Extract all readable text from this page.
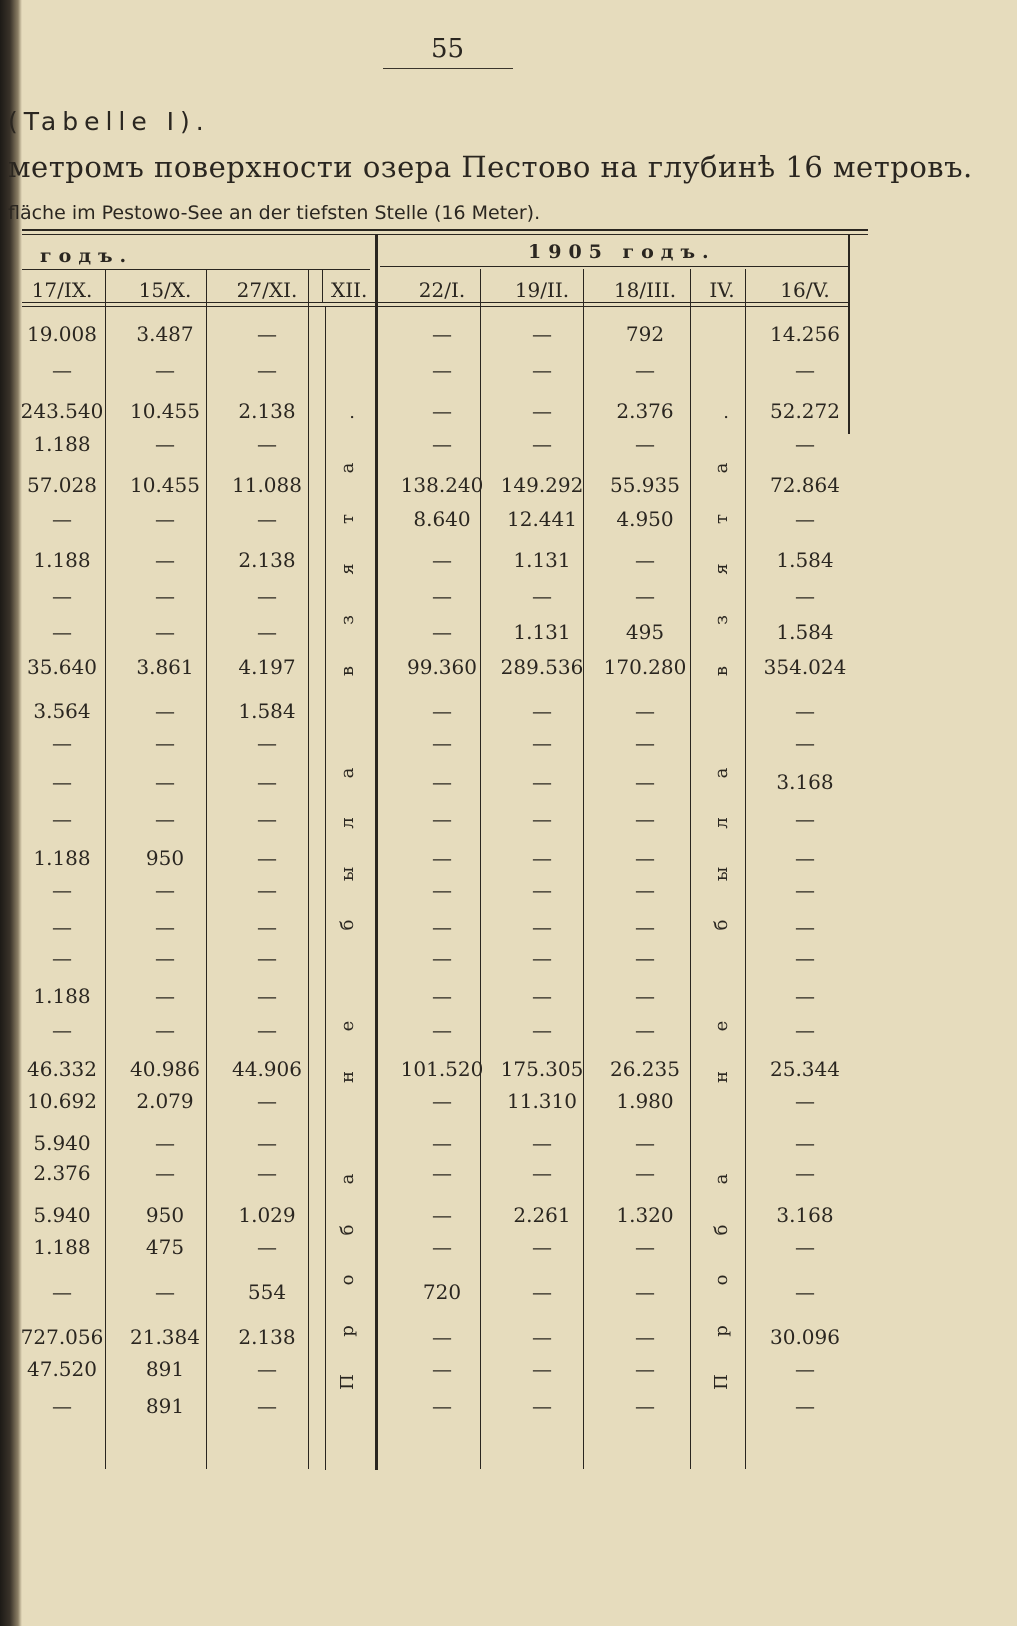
55
(Tabelle I).
метромъ поверхности озера Пестово на глубинѣ 16 метровъ.
fläche im Pestowo-See an der tiefsten Stelle (16 Meter).
годъ.	1905 годъ.
17/IX.	15/X.	27/XI.	XII.	22/I.	19/II.	18/III.	IV.	16/V.
19.008	3.487	—	—	—	792	14.256
—	—	—	—	—	—	—
243.540	10.455	2.138	—	—	2.376	52.272
1.188	—	—	—	—	—	—
57.028	10.455	11.088	138.240 149.292	55.935	72.864
—	—	—	8.640	12.441	4.950	—
1.188	—	2.138	—	1.131	—	1.584
—	—	—	—	—	—	—
—	—	—	—	1.131	495	1.584
35.640	3.861	4.197	99.360	289.536	170.280	354.024
3.564	—	1.584	—	—	—	—
—	—	—	—	—	—	—
—	—	—	—	—	—	3.168
—	—	—	—	—	—	—
1.188	950	—	—	—	—	—
—	—	—	—	—	—	—
—	—	—	—	—	—	—
—	—	—	—	—	—	—
1.188	—	—	—	—	—	—
—	—	—	—	—	—	—
46.332	40.986	44.906	101.520 175.305	26.235	25.344
10.692	2.079	—	—	11.310	1.980	—
5.940	—	—	—	—	—	—
2.376	—	—	—	—	—	—
5.940	950	1.029	—	2.261	1.320	3.168
1.188	475	—	—	—	—	—
—	—	554	720	—	—	—
727.056	21.384	2.138	—	—	—	30.096
47.520	891	—	—	—	—	—
—	891	—	—	—	—	—
П
р
о
б
а
н
е
б
ы
л
а
в
з
я
т
а
.
П
р
о
б
а
н
е
б
ы
л
а
в
з
я
т
а
.
